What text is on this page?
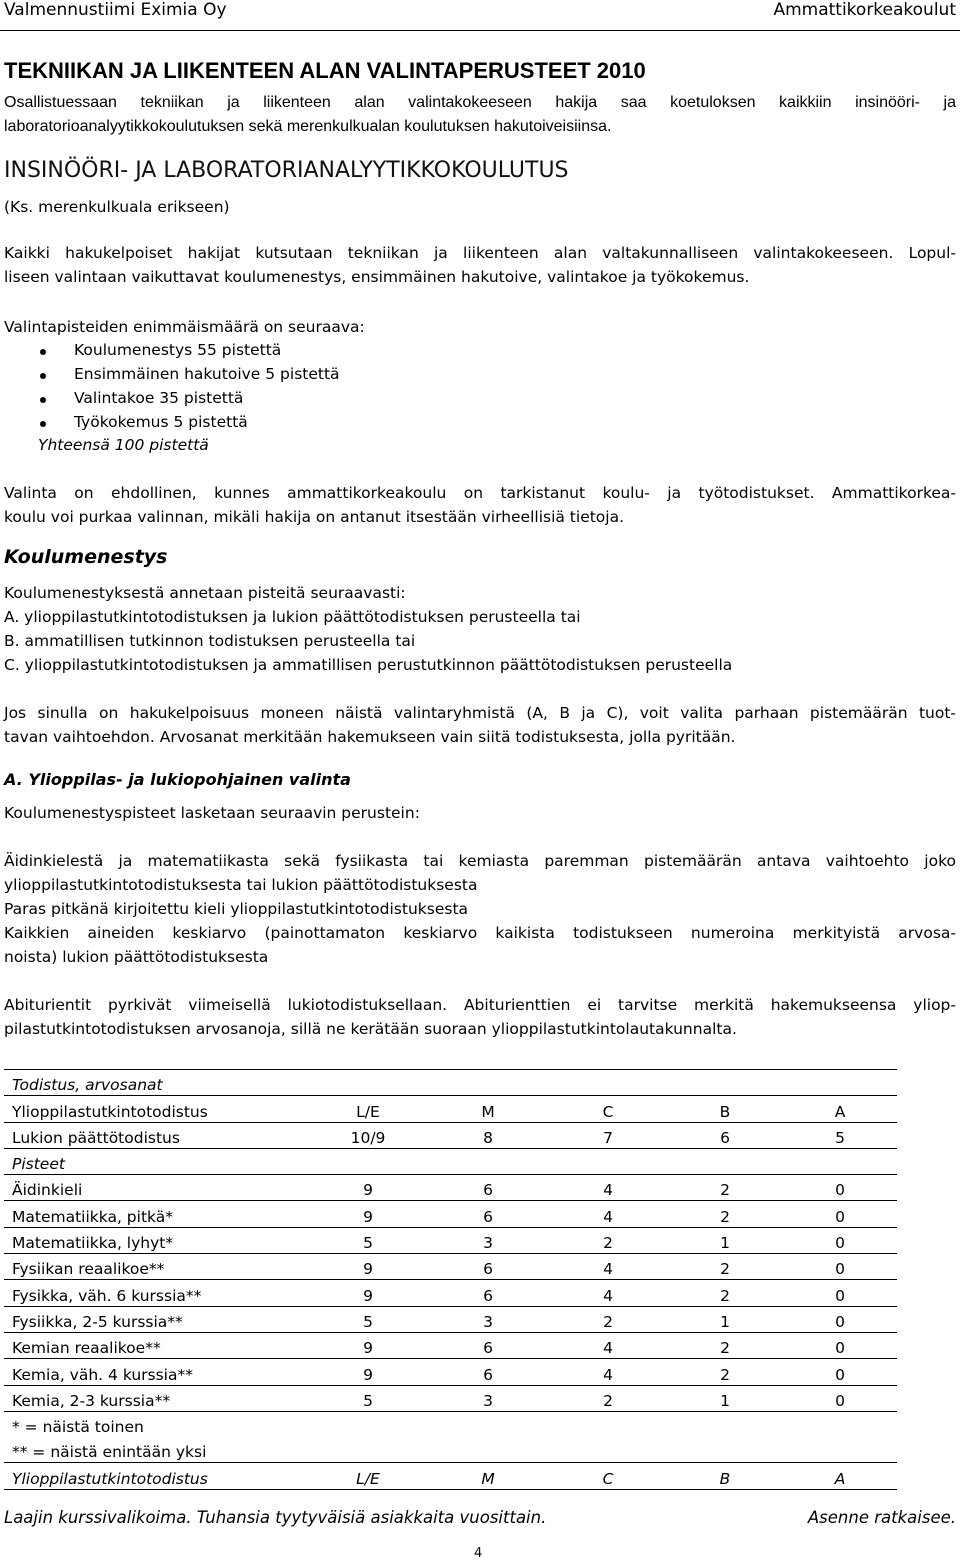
Valmennustiimi Eximia Oy	Ammattikorkeakoulut
TEKNIIKAN JA LIIKENTEEN ALAN VALINTAPERUSTEET 2010
Osallistuessaan tekniikan ja liikenteen alan valintakokeeseen hakija saa koetuloksen kaikkiin insinööri- ja
laboratorioanalyytikkokoulutuksen sekä merenkulkualan koulutuksen hakutoiveisiinsa.
INSINÖÖRI- JA LABORATORIANALYYTIKKOKOULUTUS
(Ks. merenkulkuala erikseen)
Kaikki hakukelpoiset hakijat kutsutaan tekniikan ja liikenteen alan valtakunnalliseen valintakokeeseen. Lopul-
liseen valintaan vaikuttavat koulumenestys, ensimmäinen hakutoive, valintakoe ja työkokemus.
Valintapisteiden enimmäismäärä on seuraava:
Koulumenestys 55 pistettä
Ensimmäinen hakutoive 5 pistettä
Valintakoe 35 pistettä
Työkokemus 5 pistettä
Yhteensä 100 pistettä
Valinta on ehdollinen, kunnes ammattikorkeakoulu on tarkistanut koulu- ja työtodistukset. Ammattikorkea-
koulu voi purkaa valinnan, mikäli hakija on antanut itsestään virheellisiä tietoja.
Koulumenestys
Koulumenestyksestä annetaan pisteitä seuraavasti:
A. ylioppilastutkintotodistuksen ja lukion päättötodistuksen perusteella tai
B. ammatillisen tutkinnon todistuksen perusteella tai
C. ylioppilastutkintotodistuksen ja ammatillisen perustutkinnon päättötodistuksen perusteella
Jos sinulla on hakukelpoisuus moneen näistä valintaryhmistä (A, B ja C), voit valita parhaan pistemäärän tuot-
tavan vaihtoehdon. Arvosanat merkitään hakemukseen vain siitä todistuksesta, jolla pyritään.
A. Ylioppilas- ja lukiopohjainen valinta
Koulumenestyspisteet lasketaan seuraavin perustein:
Äidinkielestä ja matematiikasta sekä fysiikasta tai kemiasta paremman pistemäärän antava vaihtoehto joko
ylioppilastutkintotodistuksesta tai lukion päättötodistuksesta
Paras pitkänä kirjoitettu kieli ylioppilastutkintotodistuksesta
Kaikkien aineiden keskiarvo (painottamaton keskiarvo kaikista todistukseen numeroina merkityistä arvosa-
noista) lukion päättötodistuksesta
Abiturientit pyrkivät viimeisellä lukiotodistuksellaan. Abiturienttien ei tarvitse merkitä hakemukseensa yliop-
pilastutkintotodistuksen arvosanoja, sillä ne kerätään suoraan ylioppilastutkintolautakunnalta.
Todistus, arvosanat					
Ylioppilastutkintotodistus	L/E	M	C	B	A
Lukion päättötodistus	10/9	8	7	6	5
Pisteet					
Äidinkieli	9	6	4	2	0
Matematiikka, pitkä*	9	6	4	2	0
Matematiikka, lyhyt*	5	3	2	1	0
Fysiikan reaalikoe**	9	6	4	2	0
Fysikka, väh. 6 kurssia**	9	6	4	2	0
Fysiikka, 2-5 kurssia**	5	3	2	1	0
Kemian reaalikoe**	9	6	4	2	0
Kemia, väh. 4 kurssia**	9	6	4	2	0
Kemia, 2-3 kurssia**	5	3	2	1	0
* = näistä toinen					
** = näistä enintään yksi					
Ylioppilastutkintotodistus	L/E	M	C	B	A
Laajin kurssivalikoima. Tuhansia tyytyväisiä asiakkaita vuosittain.	Asenne ratkaisee.
4
